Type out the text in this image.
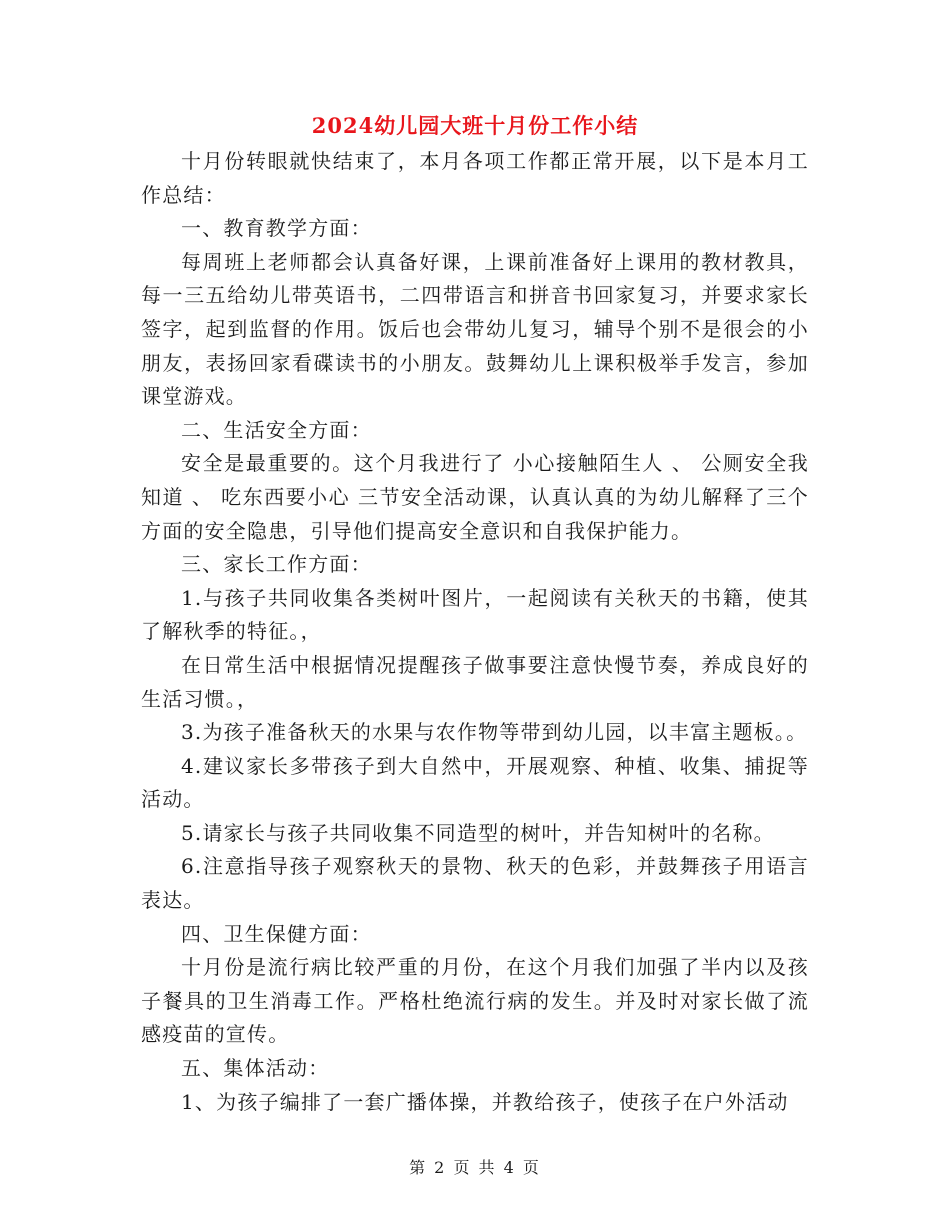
2024幼儿园大班十月份工作小结

十月份转眼就快结束了，本月各项工作都正常开展，以下是本月工作总结：

一、教育教学方面：

每周班上老师都会认真备好课，上课前准备好上课用的教材教具，每一三五给幼儿带英语书，二四带语言和拼音书回家复习，并要求家长签字，起到监督的作用。饭后也会带幼儿复习，辅导个别不是很会的小朋友，表扬回家看碟读书的小朋友。鼓舞幼儿上课积极举手发言，参加课堂游戏。

二、生活安全方面：

安全是最重要的。这个月我进行了 小心接触陌生人 、 公厕安全我知道 、 吃东西要小心 三节安全活动课，认真认真的为幼儿解释了三个方面的安全隐患，引导他们提高安全意识和自我保护能力。

三、家长工作方面：

1.与孩子共同收集各类树叶图片，一起阅读有关秋天的书籍，使其了解秋季的特征。，

在日常生活中根据情况提醒孩子做事要注意快慢节奏，养成良好的生活习惯。，

3.为孩子准备秋天的水果与农作物等带到幼儿园，以丰富主题板。。

4.建议家长多带孩子到大自然中，开展观察、种植、收集、捕捉等活动。

5.请家长与孩子共同收集不同造型的树叶，并告知树叶的名称。

6.注意指导孩子观察秋天的景物、秋天的色彩，并鼓舞孩子用语言表达。

四、卫生保健方面：

十月份是流行病比较严重的月份，在这个月我们加强了半内以及孩子餐具的卫生消毒工作。严格杜绝流行病的发生。并及时对家长做了流感疫苗的宣传。

五、集体活动：

1、为孩子编排了一套广播体操，并教给孩子，使孩子在户外活动

第 2 页 共 4 页
